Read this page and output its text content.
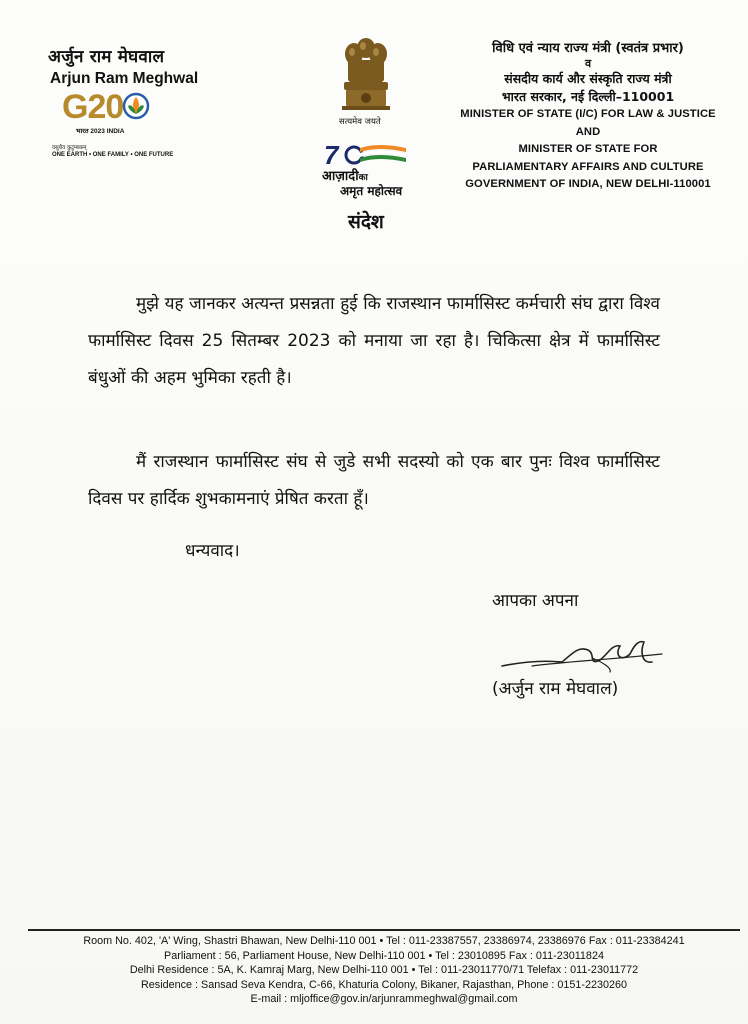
अर्जुन राम मेघवाल
Arjun Ram Meghwal
G20
भारत 2023 INDIA
वसुधैव कुटुम्बकम्
ONE EARTH • ONE FAMILY • ONE FUTURE
सत्यमेव जयते
7
आज़ादीका
अमृत महोत्सव
संदेश
विधि एवं न्याय राज्य मंत्री (स्वतंत्र प्रभार)
व
संसदीय कार्य और संस्कृति राज्य मंत्री
भारत सरकार, नई दिल्ली–110001
MINISTER OF STATE (I/C) FOR LAW & JUSTICE
AND
MINISTER OF STATE FOR
PARLIAMENTARY AFFAIRS AND CULTURE
GOVERNMENT OF INDIA, NEW DELHI-110001
मुझे यह जानकर अत्यन्त प्रसन्नता हुई कि राजस्थान फार्मासिस्ट कर्मचारी संघ द्वारा विश्व फार्मासिस्ट दिवस 25 सितम्बर 2023 को मनाया जा रहा है। चिकित्सा क्षेत्र में फार्मासिस्ट बंधुओं की अहम भुमिका रहती है।
मैं राजस्थान फार्मासिस्ट संघ से जुडे सभी सदस्यो को एक बार पुनः विश्व फार्मासिस्ट दिवस पर हार्दिक शुभकामनाएं प्रेषित करता हूँ।
धन्यवाद।
आपका अपना
(अर्जुन राम मेघवाल)
Room No. 402, 'A' Wing, Shastri Bhawan, New Delhi-110 001 • Tel : 011-23387557, 23386974, 23386976 Fax : 011-23384241
Parliament : 56, Parliament House, New Delhi-110 001 • Tel : 23010895 Fax : 011-23011824
Delhi Residence : 5A, K. Kamraj Marg, New Delhi-110 001 • Tel : 011-23011770/71 Telefax : 011-23011772
Residence : Sansad Seva Kendra, C-66, Khaturia Colony, Bikaner, Rajasthan, Phone : 0151-2230260
E-mail : mljoffice@gov.in/arjunrammeghwal@gmail.com
